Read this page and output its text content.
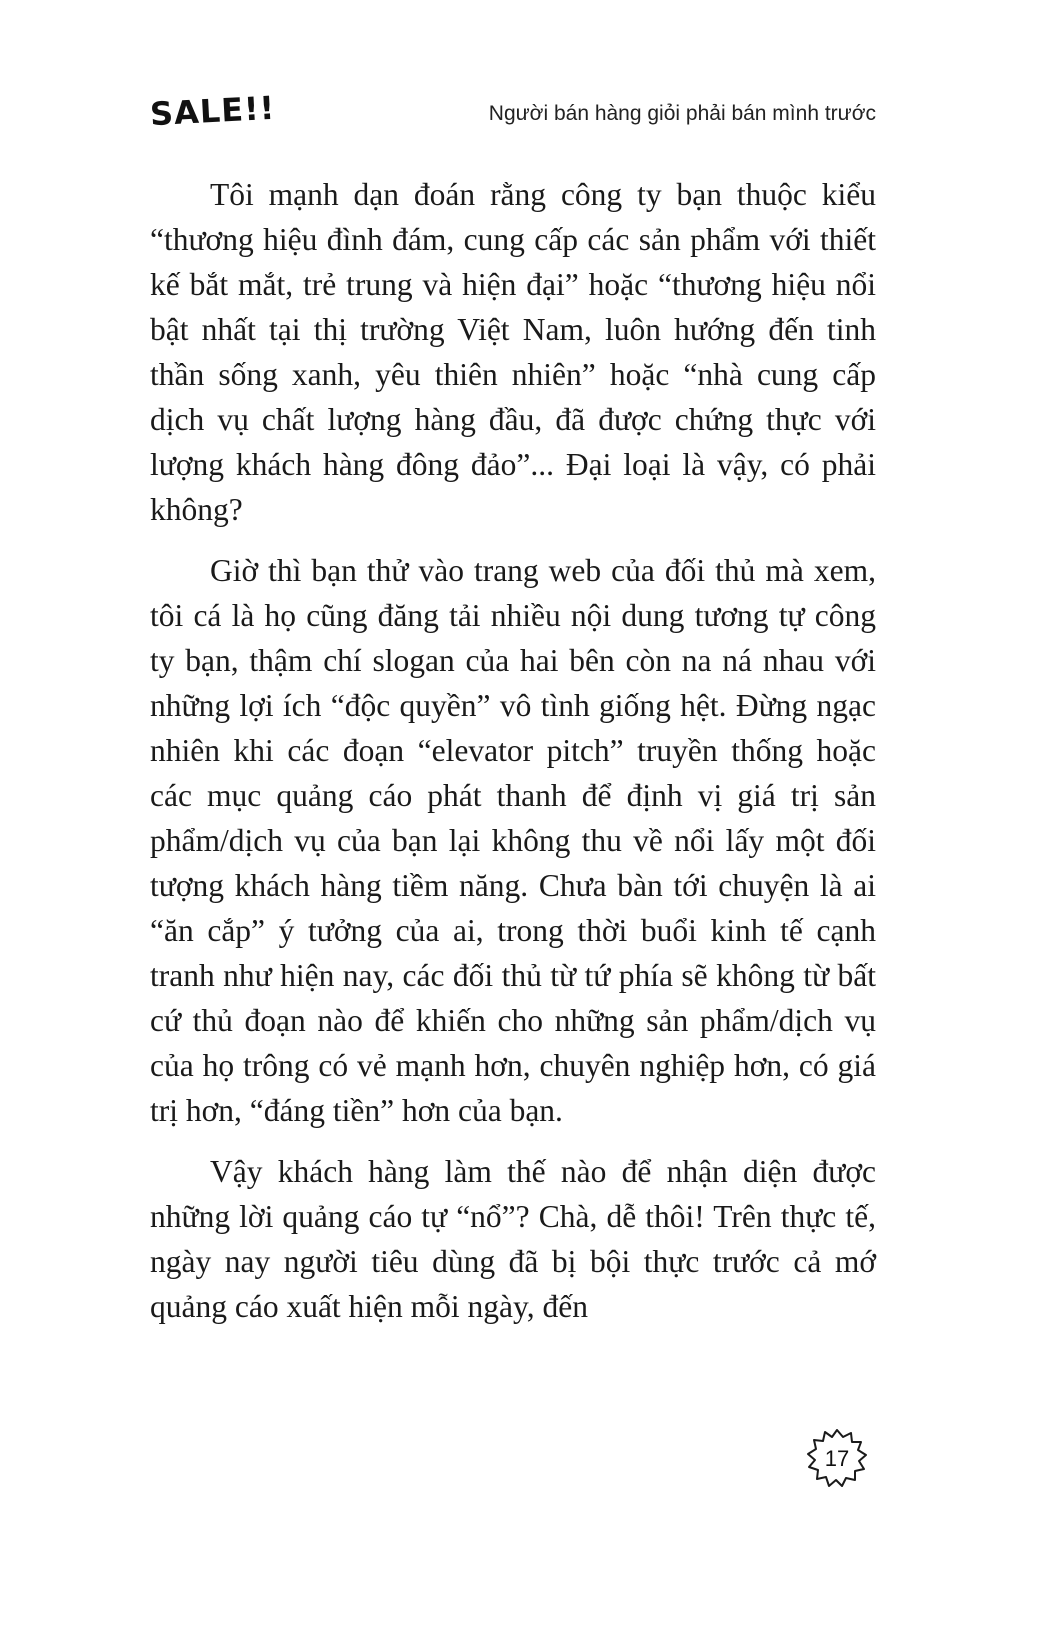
SALE!!	Người bán hàng giỏi phải bán mình trước

Tôi mạnh dạn đoán rằng công ty bạn thuộc kiểu “thương hiệu đình đám, cung cấp các sản phẩm với thiết kế bắt mắt, trẻ trung và hiện đại” hoặc “thương hiệu nổi bật nhất tại thị trường Việt Nam, luôn hướng đến tinh thần sống xanh, yêu thiên nhiên” hoặc “nhà cung cấp dịch vụ chất lượng hàng đầu, đã được chứng thực với lượng khách hàng đông đảo”... Đại loại là vậy, có phải không?

Giờ thì bạn thử vào trang web của đối thủ mà xem, tôi cá là họ cũng đăng tải nhiều nội dung tương tự công ty bạn, thậm chí slogan của hai bên còn na ná nhau với những lợi ích “độc quyền” vô tình giống hệt. Đừng ngạc nhiên khi các đoạn “elevator pitch” truyền thống hoặc các mục quảng cáo phát thanh để định vị giá trị sản phẩm/dịch vụ của bạn lại không thu về nổi lấy một đối tượng khách hàng tiềm năng. Chưa bàn tới chuyện là ai “ăn cắp” ý tưởng của ai, trong thời buổi kinh tế cạnh tranh như hiện nay, các đối thủ từ tứ phía sẽ không từ bất cứ thủ đoạn nào để khiến cho những sản phẩm/dịch vụ của họ trông có vẻ mạnh hơn, chuyên nghiệp hơn, có giá trị hơn, “đáng tiền” hơn của bạn.

Vậy khách hàng làm thế nào để nhận diện được những lời quảng cáo tự “nổ”? Chà, dễ thôi! Trên thực tế, ngày nay người tiêu dùng đã bị bội thực trước cả mớ quảng cáo xuất hiện mỗi ngày, đến

17
